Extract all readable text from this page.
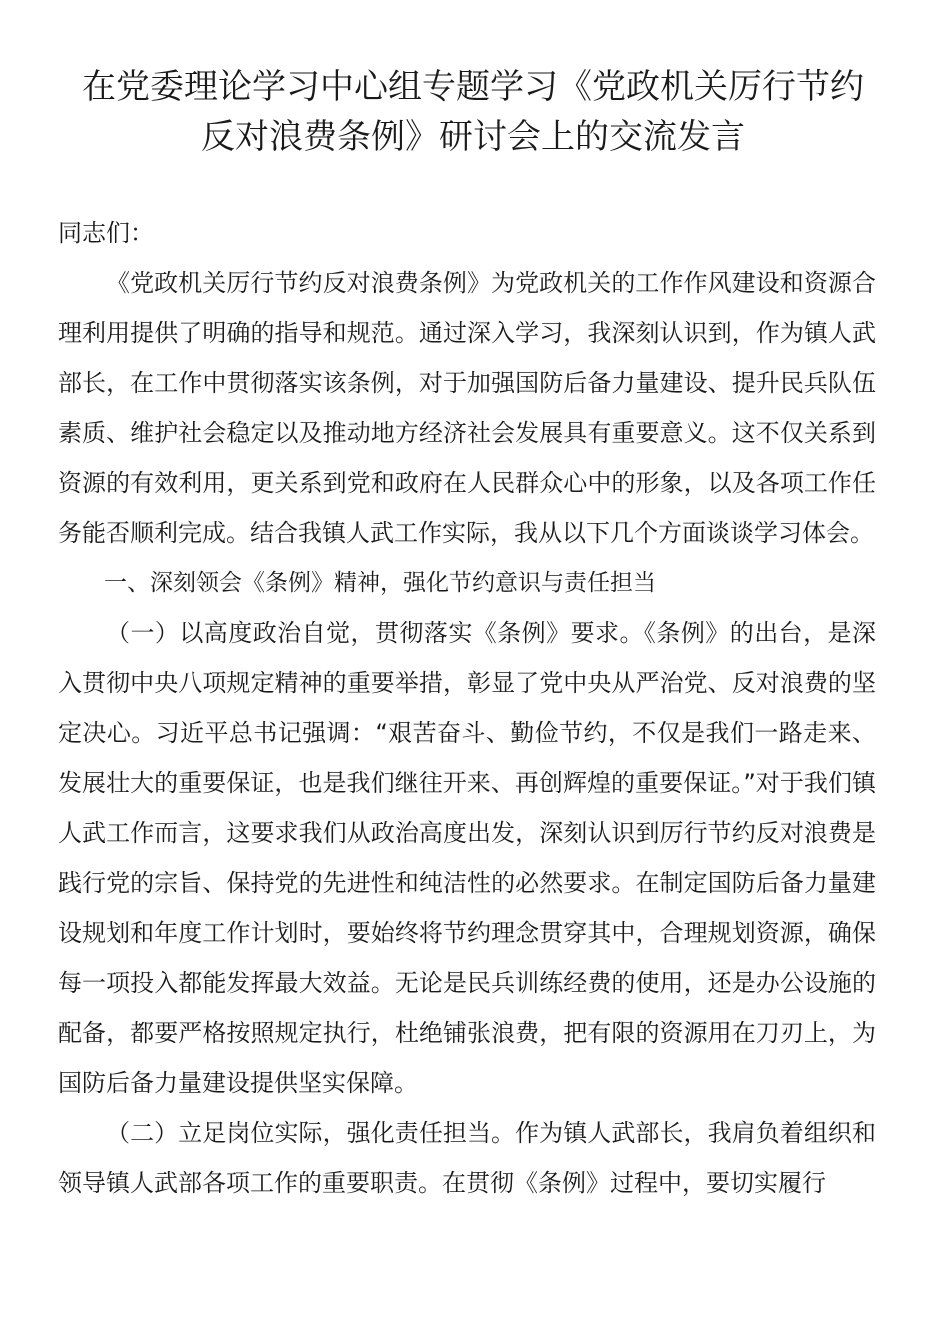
在党委理论学习中心组专题学习《党政机关厉行节约
反对浪费条例》研讨会上的交流发言

同志们：

《党政机关厉行节约反对浪费条例》为党政机关的工作作风建设和资源合理利用提供了明确的指导和规范。通过深入学习，我深刻认识到，作为镇人武部长，在工作中贯彻落实该条例，对于加强国防后备力量建设、提升民兵队伍素质、维护社会稳定以及推动地方经济社会发展具有重要意义。这不仅关系到资源的有效利用，更关系到党和政府在人民群众心中的形象，以及各项工作任务能否顺利完成。结合我镇人武工作实际，我从以下几个方面谈谈学习体会。

一、深刻领会《条例》精神，强化节约意识与责任担当

（一）以高度政治自觉，贯彻落实《条例》要求。《条例》的出台，是深入贯彻中央八项规定精神的重要举措，彰显了党中央从严治党、反对浪费的坚定决心。习近平总书记强调：“艰苦奋斗、勤俭节约，不仅是我们一路走来、发展壮大的重要保证，也是我们继往开来、再创辉煌的重要保证。”对于我们镇人武工作而言，这要求我们从政治高度出发，深刻认识到厉行节约反对浪费是践行党的宗旨、保持党的先进性和纯洁性的必然要求。在制定国防后备力量建设规划和年度工作计划时，要始终将节约理念贯穿其中，合理规划资源，确保每一项投入都能发挥最大效益。无论是民兵训练经费的使用，还是办公设施的配备，都要严格按照规定执行，杜绝铺张浪费，把有限的资源用在刀刃上，为国防后备力量建设提供坚实保障。

（二）立足岗位实际，强化责任担当。作为镇人武部长，我肩负着组织和领导镇人武部各项工作的重要职责。在贯彻《条例》过程中，要切实履行
